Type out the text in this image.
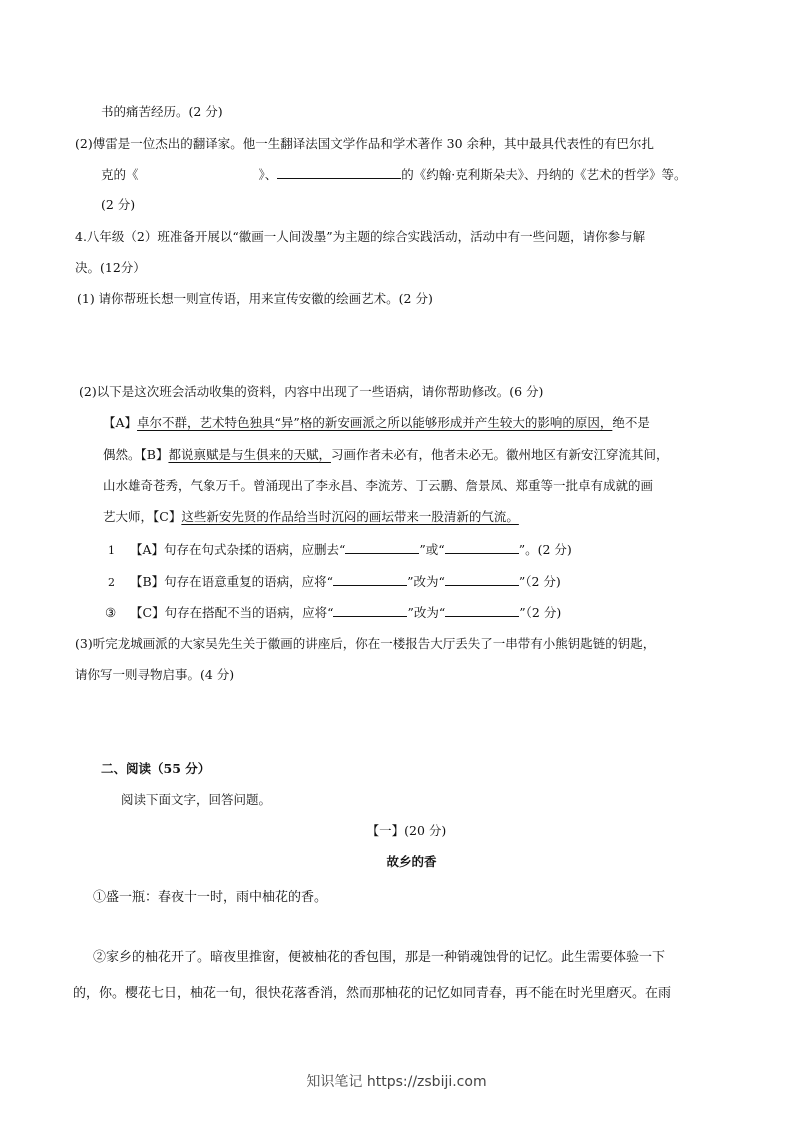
书的痛苦经历。(2 分)
(2)傅雷是一位杰出的翻译家。他一生翻译法国文学作品和学术著作 30 余种，其中最具代表性的有巴尔扎
克的《	》、	的《约翰·克利斯朵夫》、丹纳的《艺术的哲学》等。
(2 分)
4.八年级（2）班准备开展以“徽画一人间泼墨”为主题的综合实践活动，活动中有一些问题，请你参与解
决。(12分）
(1) 请你帮班长想一则宣传语，用来宣传安徽的绘画艺术。(2 分)
(2)以下是这次班会活动收集的资料，内容中出现了一些语病，请你帮助修改。(6 分)
【A】卓尔不群，艺术特色独具“异”格的新安画派之所以能够形成并产生较大的影响的原因，绝不是
偶然。【B】都说禀赋是与生俱来的天赋，习画作者未必有，他者未必无。徽州地区有新安江穿流其间，
山水雄奇苍秀，气象万千。曾涌现出了李永昌、李流芳、丁云鹏、詹景凤、郑重等一批卓有成就的画
艺大师，【C】这些新安先贤的作品给当时沉闷的画坛带来一股清新的气流。
1 【A】句存在句式杂揉的语病，应删去“	”或“	”。(2 分)
2 【B】句存在语意重复的语病，应将“	”改为“	”（2 分)
③ 【C】句存在搭配不当的语病，应将“	”改为“	”（2 分)
(3)听完龙城画派的大家吴先生关于徽画的讲座后，你在一楼报告大厅丢失了一串带有小熊钥匙链的钥匙，
请你写一则寻物启事。(4 分)
二、阅读（55 分）
阅读下面文字，回答问题。
【一】(20 分)
故乡的香
①盛一瓶：春夜十一时，雨中柚花的香。
②家乡的柚花开了。暗夜里推窗，便被柚花的香包围，那是一种销魂蚀骨的记忆。此生需要体验一下
的，你。樱花七日，柚花一旬，很快花落香消，然而那柚花的记忆如同青春，再不能在时光里磨灭。在雨
知识笔记 https://zsbiji.com
